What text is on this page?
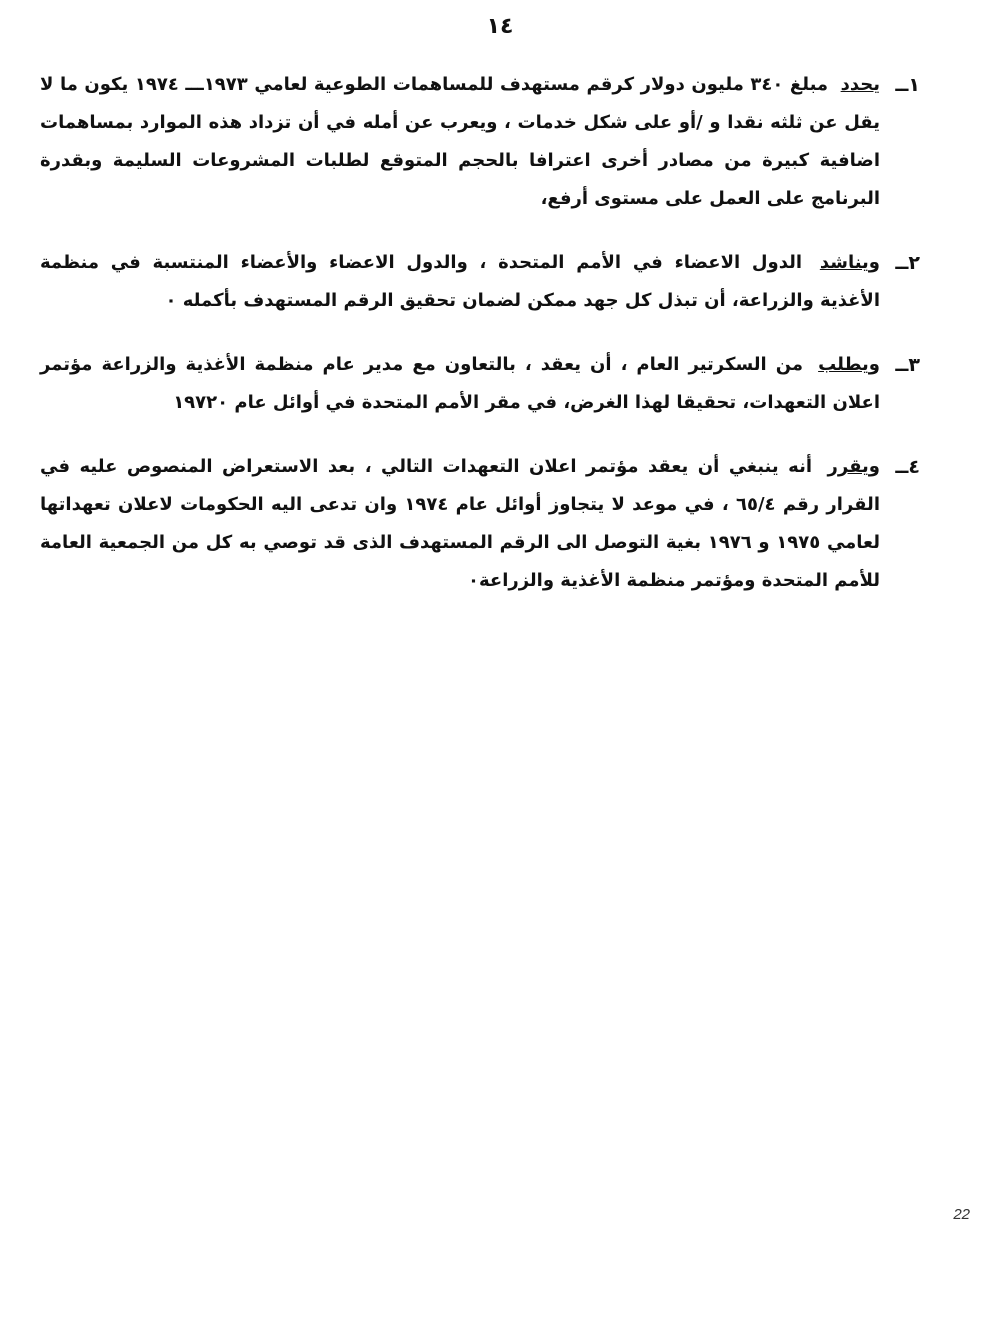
١٤
١ــ
يحدد مبلغ ٣٤٠ مليون دولار كرقم مستهدف للمساهمات الطوعية لعامي ١٩٧٣ـــ ١٩٧٤ يكون ما لا يقل عن ثلثه نقدا و /أو على شكل خدمات ، ويعرب عن أمله في أن تزداد هذه الموارد بمساهمات اضافية كبيرة من مصادر أخرى اعترافا بالحجم المتوقع لطلبات المشروعات السليمة وبقدرة البرنامج على العمل على مستوى أرفع،
٢ــ
ويناشد الدول الاعضاء في الأمم المتحدة ، والدول الاعضاء والأعضاء المنتسبة في منظمة الأغذية والزراعة، أن تبذل كل جهد ممكن لضمان تحقيق الرقم المستهدف بأكمله ٠
٣ــ
ويطلب من السكرتير العام ، أن يعقد ، بالتعاون مع مدير عام منظمة الأغذية والزراعة مؤتمر اعلان التعهدات، تحقيقا لهذا الغرض، في مقر الأمم المتحدة في أوائل عام ١٩٧٢٠
٤ــ
ويقرر أنه ينبغي أن يعقد مؤتمر اعلان التعهدات التالي ، بعد الاستعراض المنصوص عليه في القرار رقم ٦٥/٤ ، في موعد لا يتجاوز أوائل عام ١٩٧٤ وان تدعى اليه الحكومات لاعلان تعهداتها لعامي ١٩٧٥ و ١٩٧٦ بغية التوصل الى الرقم المستهدف الذى قد توصي به كل من الجمعية العامة للأمم المتحدة ومؤتمر منظمة الأغذية والزراعة٠
22
